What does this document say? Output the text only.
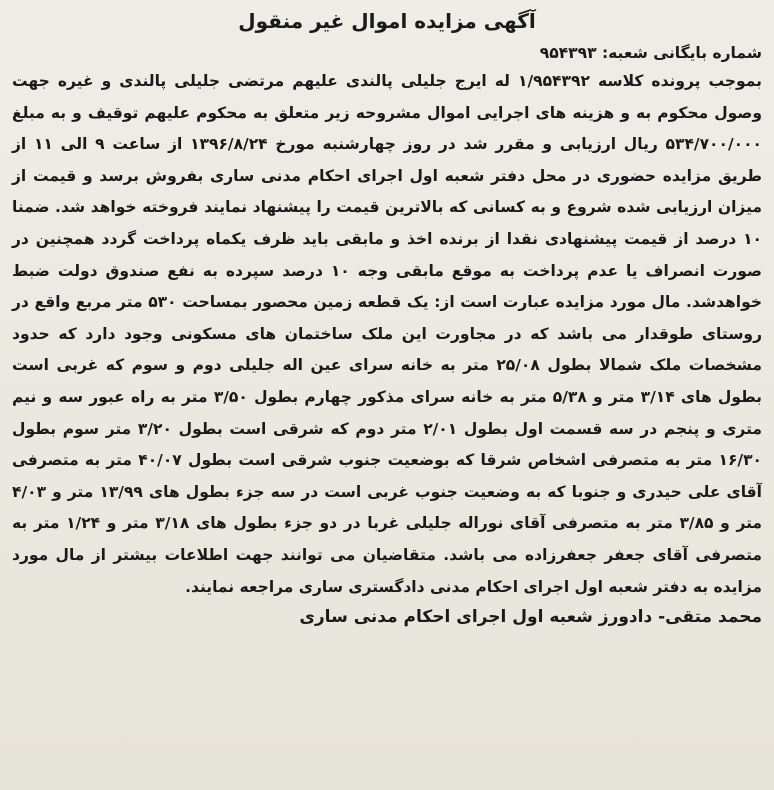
آگهی مزایده اموال غیر منقول
شماره بایگانی شعبه: ۹۵۴۳۹۳

بموجب پرونده کلاسه ۱/۹۵۴۳۹۲ له ایرج جلیلی پالندی علیهم مرتضی جلیلی پالندی و غیره جهت وصول محکوم به و هزینه های اجرایی اموال مشروحه زیر متعلق به محکوم علیهم توقیف و به مبلغ ۵۳۴/۷۰۰/۰۰۰ ریال ارزیابی و مقرر شد در روز چهارشنبه مورخ ۱۳۹۶/۸/۲۴ از ساعت ۹ الی ۱۱ از طریق مزایده حضوری در محل دفتر شعبه اول اجرای احکام مدنی ساری بفروش برسد و قیمت از میزان ارزیابی شده شروع و به کسانی که بالاترین قیمت را پیشنهاد نمایند فروخته خواهد شد. ضمنا ۱۰ درصد از قیمت پیشنهادی نقدا از برنده اخذ و مابقی باید ظرف یکماه پرداخت گردد همچنین در صورت انصراف یا عدم پرداخت به موقع مابقی وجه ۱۰ درصد سپرده به نفع صندوق دولت ضبط خواهدشد. مال مورد مزایده عبارت است از: یک قطعه زمین محصور بمساحت ۵۳۰ متر مربع واقع در روستای طوقدار می باشد که در مجاورت این ملک ساختمان های مسکونی وجود دارد که حدود مشخصات ملک شمالا بطول ۲۵/۰۸ متر به خانه سرای عین اله جلیلی دوم و سوم که غربی است بطول های ۳/۱۴ متر و ۵/۳۸ متر به خانه سرای مذکور چهارم بطول ۳/۵۰ متر به راه عبور سه و نیم متری و پنجم در سه قسمت اول بطول ۲/۰۱ متر دوم که شرقی است بطول ۳/۲۰ متر سوم بطول ۱۶/۳۰ متر به متصرفی اشخاص شرقا که بوضعیت جنوب شرقی است بطول ۴۰/۰۷ متر به متصرفی آقای علی حیدری و جنوبا که به وضعیت جنوب غربی است در سه جزء بطول های ۱۳/۹۹ متر و ۴/۰۳ متر و ۳/۸۵ متر به متصرفی آقای نوراله جلیلی غربا در دو جزء بطول های ۳/۱۸ متر و ۱/۲۴ متر به متصرفی آقای جعفر جعفرزاده می باشد. متقاضیان می توانند جهت اطلاعات بیشتر از مال مورد مزایده به دفتر شعبه اول اجرای احکام مدنی دادگستری ساری مراجعه نمایند.

محمد متقی- دادورز شعبه اول اجرای احکام مدنی ساری
